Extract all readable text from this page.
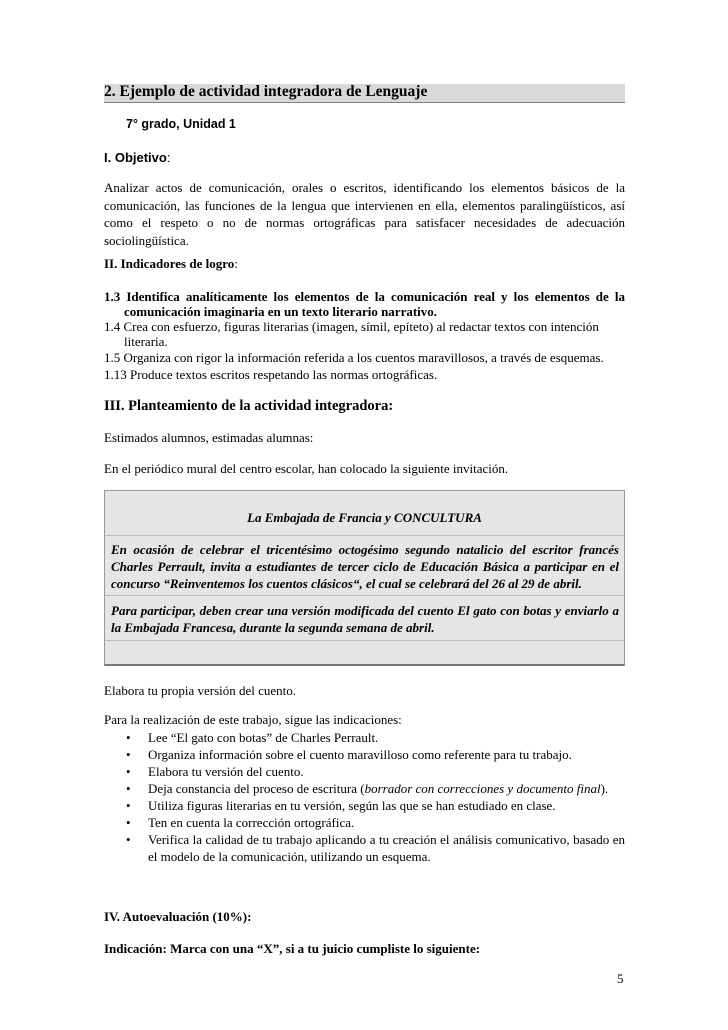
2. Ejemplo de actividad integradora de Lenguaje
7° grado, Unidad 1
I. Objetivo:
Analizar actos de comunicación, orales o escritos, identificando los elementos básicos de la comunicación, las funciones de la lengua que intervienen en ella, elementos paralingüísticos, así como el respeto o no de normas ortográficas para satisfacer necesidades de adecuación sociolingüística.
II. Indicadores de logro:

1.3 Identifica analíticamente los elementos de la comunicación real y los elementos de la comunicación imaginaria en un texto literario narrativo.

1.4 Crea con esfuerzo, figuras literarias (imagen, símil, epíteto) al redactar textos con intención literaria.

1.5 Organiza con rigor la información referida a los cuentos maravillosos, a través de esquemas.

1.13 Produce textos escritos respetando las normas ortográficas.

III. Planteamiento de la actividad integradora:
Estimados alumnos, estimadas alumnas:
En el periódico mural del centro escolar, han colocado la siguiente invitación.
La Embajada de Francia y CONCULTURA
En ocasión de celebrar el tricentésimo octogésimo segundo natalicio del escritor francés Charles Perrault, invita a estudiantes de tercer ciclo de Educación Básica a participar en el concurso “Reinventemos los cuentos clásicos“, el cual se celebrará del 26 al 29 de abril.
Para participar, deben crear una versión modificada del cuento El gato con botas y enviarlo a la Embajada Francesa, durante la segunda semana de abril.
Elabora tu propia versión del cuento.
Para la realización de este trabajo, sigue las indicaciones:
• Lee “El gato con botas” de Charles Perrault.
• Organiza información sobre el cuento maravilloso como referente para tu trabajo.
• Elabora tu versión del cuento.
• Deja constancia del proceso de escritura (borrador con correcciones y documento final).
• Utiliza figuras literarias en tu versión, según las que se han estudiado en clase.
• Ten en cuenta la corrección ortográfica.
• Verifica la calidad de tu trabajo aplicando a tu creación el análisis comunicativo, basado en el modelo de la comunicación, utilizando un esquema.
IV. Autoevaluación (10%):
Indicación: Marca con una “X”, si a tu juicio cumpliste lo siguiente:
5
